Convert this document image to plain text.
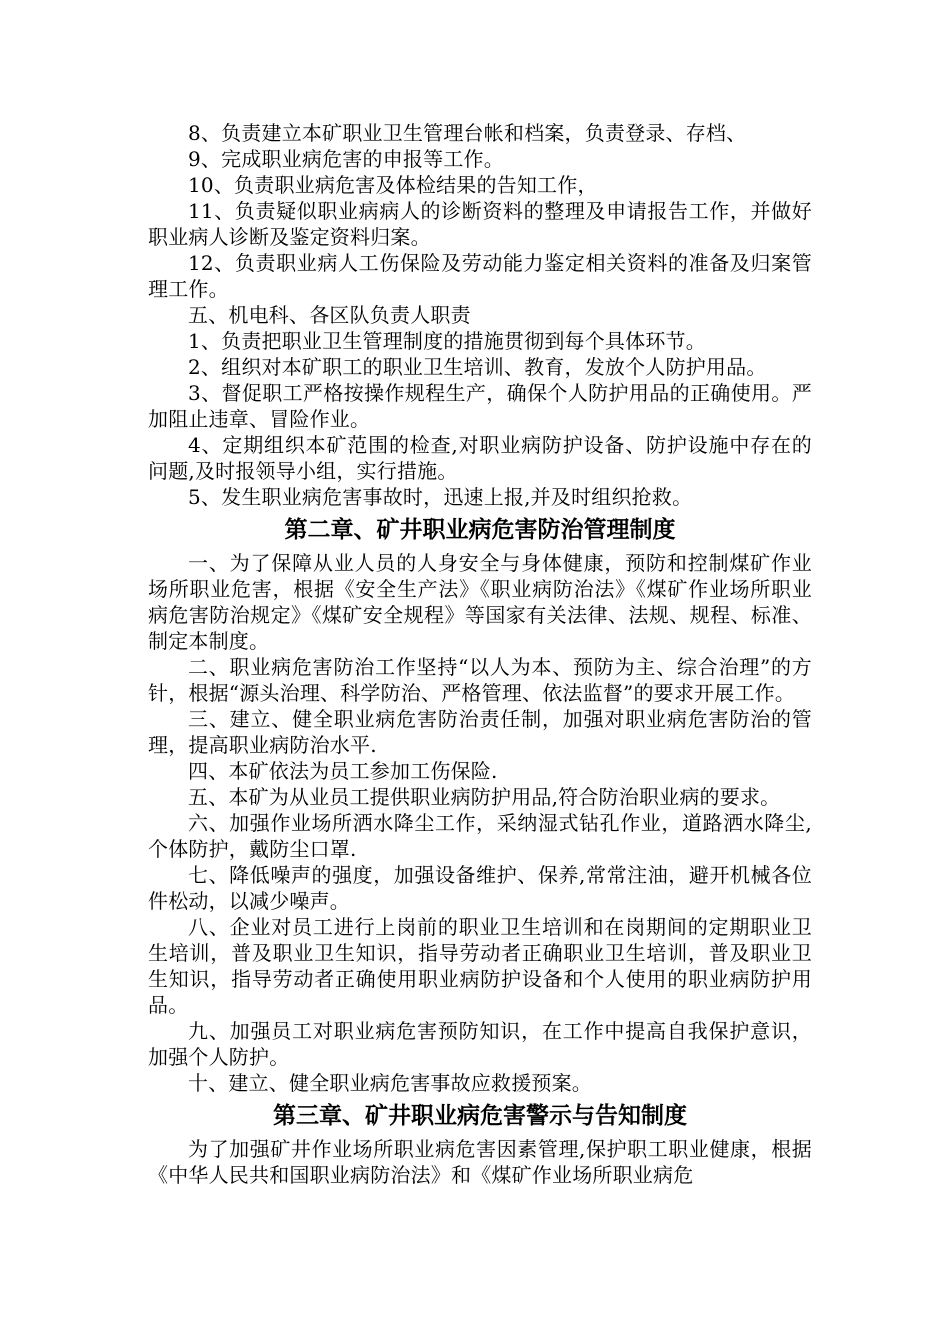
8、负责建立本矿职业卫生管理台帐和档案，负责登录、存档、

9、完成职业病危害的申报等工作。

10、负责职业病危害及体检结果的告知工作，

11、负责疑似职业病病人的诊断资料的整理及申请报告工作，并做好职业病人诊断及鉴定资料归案。

12、负责职业病人工伤保险及劳动能力鉴定相关资料的准备及归案管理工作。

五、机电科、各区队负责人职责

1、负责把职业卫生管理制度的措施贯彻到每个具体环节。

2、组织对本矿职工的职业卫生培训、教育，发放个人防护用品。

3、督促职工严格按操作规程生产，确保个人防护用品的正确使用。严加阻止违章、冒险作业。

4、定期组织本矿范围的检查,对职业病防护设备、防护设施中存在的问题,及时报领导小组，实行措施。

5、发生职业病危害事故时，迅速上报,并及时组织抢救。

第二章、矿井职业病危害防治管理制度

一、为了保障从业人员的人身安全与身体健康，预防和控制煤矿作业场所职业危害，根据《安全生产法》《职业病防治法》《煤矿作业场所职业病危害防治规定》《煤矿安全规程》等国家有关法律、法规、规程、标准、制定本制度。

二、职业病危害防治工作坚持“以人为本、预防为主、综合治理”的方针，根据“源头治理、科学防治、严格管理、依法监督”的要求开展工作。

三、建立、健全职业病危害防治责任制，加强对职业病危害防治的管理，提高职业病防治水平.

四、本矿依法为员工参加工伤保险.

五、本矿为从业员工提供职业病防护用品,符合防治职业病的要求。

六、加强作业场所洒水降尘工作，采纳湿式钻孔作业，道路洒水降尘,个体防护，戴防尘口罩.

七、降低噪声的强度，加强设备维护、保养,常常注油，避开机械各位件松动，以减少噪声。

八、企业对员工进行上岗前的职业卫生培训和在岗期间的定期职业卫生培训，普及职业卫生知识，指导劳动者正确职业卫生培训，普及职业卫生知识，指导劳动者正确使用职业病防护设备和个人使用的职业病防护用品。

九、加强员工对职业病危害预防知识，在工作中提高自我保护意识，加强个人防护。

十、建立、健全职业病危害事故应救援预案。

第三章、矿井职业病危害警示与告知制度

为了加强矿井作业场所职业病危害因素管理,保护职工职业健康，根据《中华人民共和国职业病防治法》和《煤矿作业场所职业病危
